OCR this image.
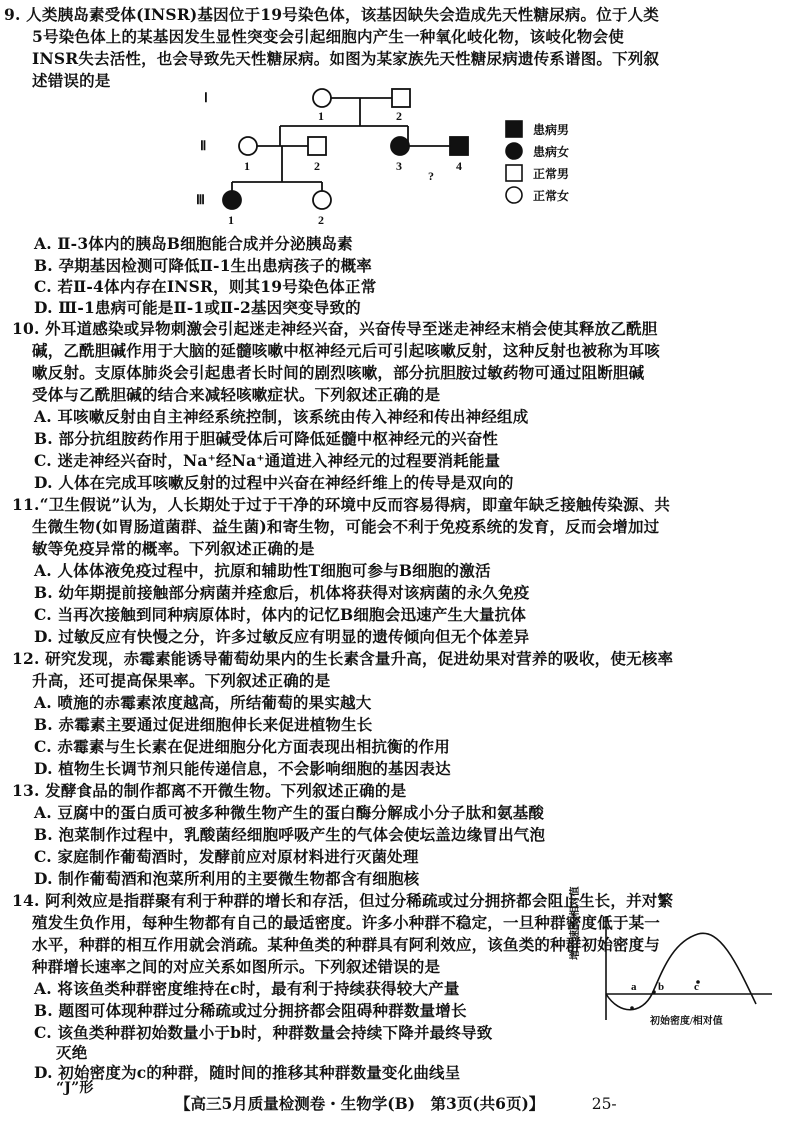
9. 人类胰岛素受体(INSR)基因位于19号染色体，该基因缺失会造成先天性糖尿病。位于人类
5号染色体上的某基因发生显性突变会引起细胞内产生一种氧化岐化物，该岐化物会使
INSR失去活性，也会导致先天性糖尿病。如图为某家族先天性糖尿病遗传系谱图。下列叙
述错误的是
Ⅰ
Ⅱ
Ⅲ
1	2
1	2	3	4
?
1	2
患病男
患病女
正常男
正常女
A. Ⅱ-3体内的胰岛B细胞能合成并分泌胰岛素
B. 孕期基因检测可降低Ⅱ-1生出患病孩子的概率
C. 若Ⅱ-4体内存在INSR，则其19号染色体正常
D. Ⅲ-1患病可能是Ⅱ-1或Ⅱ-2基因突变导致的
10. 外耳道感染或异物刺激会引起迷走神经兴奋，兴奋传导至迷走神经末梢会使其释放乙酰胆
碱，乙酰胆碱作用于大脑的延髓咳嗽中枢神经元后可引起咳嗽反射，这种反射也被称为耳咳
嗽反射。支原体肺炎会引起患者长时间的剧烈咳嗽，部分抗胆胺过敏药物可通过阻断胆碱
受体与乙酰胆碱的结合来减轻咳嗽症状。下列叙述正确的是
A. 耳咳嗽反射由自主神经系统控制，该系统由传入神经和传出神经组成
B. 部分抗组胺药作用于胆碱受体后可降低延髓中枢神经元的兴奋性
C. 迷走神经兴奋时，Na⁺经Na⁺通道进入神经元的过程要消耗能量
D. 人体在完成耳咳嗽反射的过程中兴奋在神经纤维上的传导是双向的
11.“卫生假说”认为，人长期处于过于干净的环境中反而容易得病，即童年缺乏接触传染源、共
生微生物(如胃肠道菌群、益生菌)和寄生物，可能会不利于免疫系统的发育，反而会增加过
敏等免疫异常的概率。下列叙述正确的是
A. 人体体液免疫过程中，抗原和辅助性T细胞可参与B细胞的激活
B. 幼年期提前接触部分病菌并痊愈后，机体将获得对该病菌的永久免疫
C. 当再次接触到同种病原体时，体内的记忆B细胞会迅速产生大量抗体
D. 过敏反应有快慢之分，许多过敏反应有明显的遗传倾向但无个体差异
12. 研究发现，赤霉素能诱导葡萄幼果内的生长素含量升高，促进幼果对营养的吸收，使无核率
升高，还可提高保果率。下列叙述正确的是
A. 喷施的赤霉素浓度越高，所结葡萄的果实越大
B. 赤霉素主要通过促进细胞伸长来促进植物生长
C. 赤霉素与生长素在促进细胞分化方面表现出相抗衡的作用
D. 植物生长调节剂只能传递信息，不会影响细胞的基因表达
13. 发酵食品的制作都离不开微生物。下列叙述正确的是
A. 豆腐中的蛋白质可被多种微生物产生的蛋白酶分解成小分子肽和氨基酸
B. 泡菜制作过程中，乳酸菌经细胞呼吸产生的气体会使坛盖边缘冒出气泡
C. 家庭制作葡萄酒时，发酵前应对原材料进行灭菌处理
D. 制作葡萄酒和泡菜所利用的主要微生物都含有细胞核
14. 阿利效应是指群聚有利于种群的增长和存活，但过分稀疏或过分拥挤都会阻止生长，并对繁
殖发生负作用，每种生物都有自己的最适密度。许多小种群不稳定，一旦种群密度低于某一
水平，种群的相互作用就会消疏。某种鱼类的种群具有阿利效应，该鱼类的种群初始密度与
种群增长速率之间的对应关系如图所示。下列叙述错误的是
A. 将该鱼类种群密度维持在c时，最有利于持续获得较大产量
B. 题图可体现种群过分稀疏或过分拥挤都会阻碍种群数量增长
C. 该鱼类种群初始数量小于b时，种群数量会持续下降并最终导致
灭绝
D. 初始密度为c的种群，随时间的推移其种群数量变化曲线呈
“J”形
a b	c
初始密度/相对值
增长速率/相对值
【高三5月质量检测卷・生物学(B)　第3页(共6页)】	25-
